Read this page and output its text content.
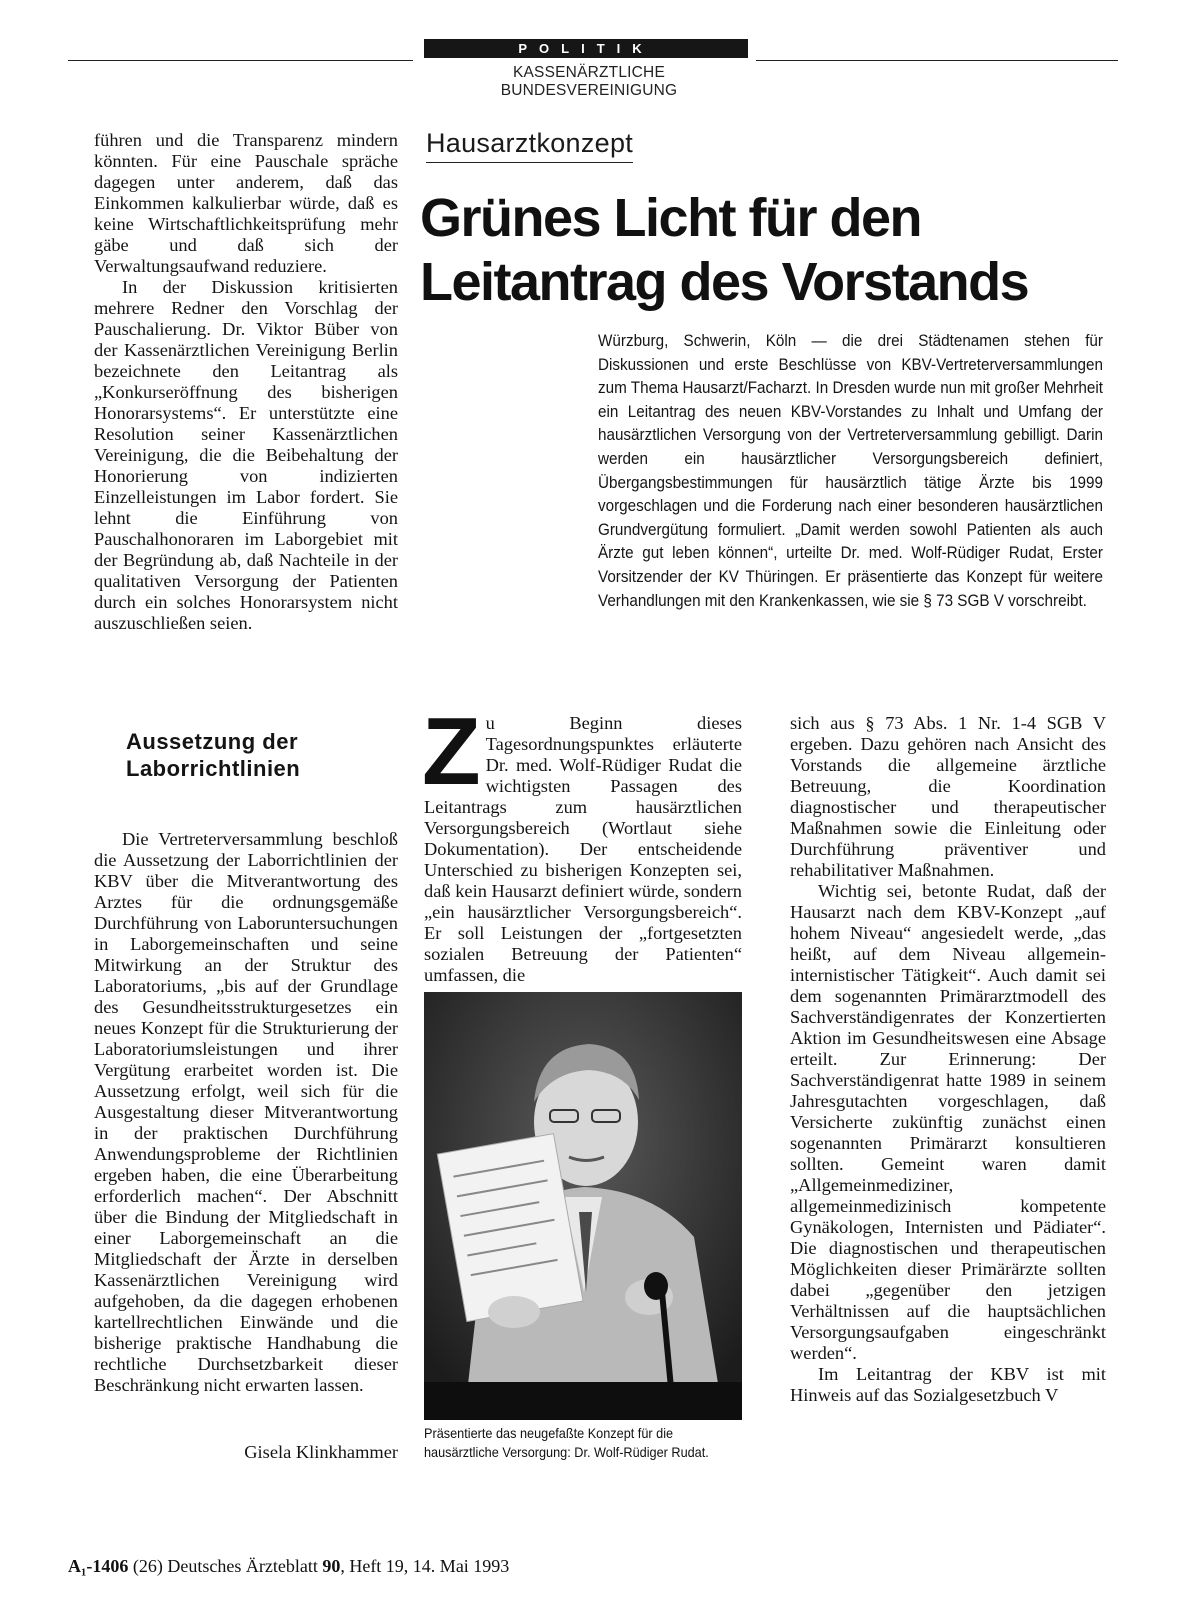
POLITIK
KASSENÄRZTLICHE BUNDESVEREINIGUNG

führen und die Transparenz mindern könnten. Für eine Pauschale spräche dagegen unter anderem, daß das Einkommen kalkulierbar würde, daß es keine Wirtschaftlichkeitsprüfung mehr gäbe und daß sich der Verwaltungsaufwand reduziere.

In der Diskussion kritisierten mehrere Redner den Vorschlag der Pauschalierung. Dr. Viktor Büber von der Kassenärztlichen Vereinigung Berlin bezeichnete den Leitantrag als „Konkurseröffnung des bisherigen Honorarsystems“. Er unterstützte eine Resolution seiner Kassenärztlichen Vereinigung, die die Beibehaltung der Honorierung von indizierten Einzelleistungen im Labor fordert. Sie lehnt die Einführung von Pauschalhonoraren im Laborgebiet mit der Begründung ab, daß Nachteile in der qualitativen Versorgung der Patienten durch ein solches Honorarsystem nicht auszuschließen seien.

Aussetzung der Laborrichtlinien

Die Vertreterversammlung beschloß die Aussetzung der Laborrichtlinien der KBV über die Mitverantwortung des Arztes für die ordnungsgemäße Durchführung von Laboruntersuchungen in Laborgemeinschaften und seine Mitwirkung an der Struktur des Laboratoriums, „bis auf der Grundlage des Gesundheitsstrukturgesetzes ein neues Konzept für die Strukturierung der Laboratoriumsleistungen und ihrer Vergütung erarbeitet worden ist. Die Aussetzung erfolgt, weil sich für die Ausgestaltung dieser Mitverantwortung in der praktischen Durchführung Anwendungsprobleme der Richtlinien ergeben haben, die eine Überarbeitung erforderlich machen“. Der Abschnitt über die Bindung der Mitgliedschaft in einer Laborgemeinschaft an die Mitgliedschaft der Ärzte in derselben Kassenärztlichen Vereinigung wird aufgehoben, da die dagegen erhobenen kartellrechtlichen Einwände und die bisherige praktische Handhabung die rechtliche Durchsetzbarkeit dieser Beschränkung nicht erwarten lassen.

Gisela Klinkhammer
Hausarztkonzept
Grünes Licht für den
Leitantrag des Vorstands
Würzburg, Schwerin, Köln — die drei Städtenamen stehen für Diskussionen und erste Beschlüsse von KBV-Vertreterversammlungen zum Thema Hausarzt/Facharzt. In Dresden wurde nun mit großer Mehrheit ein Leitantrag des neuen KBV-Vorstandes zu Inhalt und Umfang der hausärztlichen Versorgung von der Vertreterversammlung gebilligt. Darin werden ein hausärztlicher Versorgungsbereich definiert, Übergangsbestimmungen für hausärztlich tätige Ärzte bis 1999 vorgeschlagen und die Forderung nach einer besonderen hausärztlichen Grundvergütung formuliert. „Damit werden sowohl Patienten als auch Ärzte gut leben können“, urteilte Dr. med. Wolf-Rüdiger Rudat, Erster Vorsitzender der KV Thüringen. Er präsentierte das Konzept für weitere Verhandlungen mit den Krankenkassen, wie sie § 73 SGB V vorschreibt.

Zu Beginn dieses Tagesordnungspunktes erläuterte Dr. med. Wolf-Rüdiger Rudat die wichtigsten Passagen des Leitantrags zum hausärztlichen Versorgungsbereich (Wortlaut siehe Dokumentation). Der entscheidende Unterschied zu bisherigen Konzepten sei, daß kein Hausarzt definiert würde, sondern „ein hausärztlicher Versorgungsbereich“. Er soll Leistungen der „fortgesetzten sozialen Betreuung der Patienten“ umfassen, die

Präsentierte das neugefaßte Konzept für die hausärztliche Versorgung: Dr. Wolf-Rüdiger Rudat.

sich aus § 73 Abs. 1 Nr. 1-4 SGB V ergeben. Dazu gehören nach Ansicht des Vorstands die allgemeine ärztliche Betreuung, die Koordination diagnostischer und therapeutischer Maßnahmen sowie die Einleitung oder Durchführung präventiver und rehabilitativer Maßnahmen.

Wichtig sei, betonte Rudat, daß der Hausarzt nach dem KBV-Konzept „auf hohem Niveau“ angesiedelt werde, „das heißt, auf dem Niveau allgemein-internistischer Tätigkeit“. Auch damit sei dem sogenannten Primärarztmodell des Sachverständigenrates der Konzertierten Aktion im Gesundheitswesen eine Absage erteilt. Zur Erinnerung: Der Sachverständigenrat hatte 1989 in seinem Jahresgutachten vorgeschlagen, daß Versicherte zukünftig zunächst einen sogenannten Primärarzt konsultieren sollten. Gemeint waren damit „Allgemeinmediziner, allgemeinmedizinisch kompetente Gynäkologen, Internisten und Pädiater“. Die diagnostischen und therapeutischen Möglichkeiten dieser Primärärzte sollten dabei „gegenüber den jetzigen Verhältnissen auf die hauptsächlichen Versorgungsaufgaben eingeschränkt werden“.

Im Leitantrag der KBV ist mit Hinweis auf das Sozialgesetzbuch V

A₁-1406 (26) Deutsches Ärzteblatt 90, Heft 19, 14. Mai 1993
